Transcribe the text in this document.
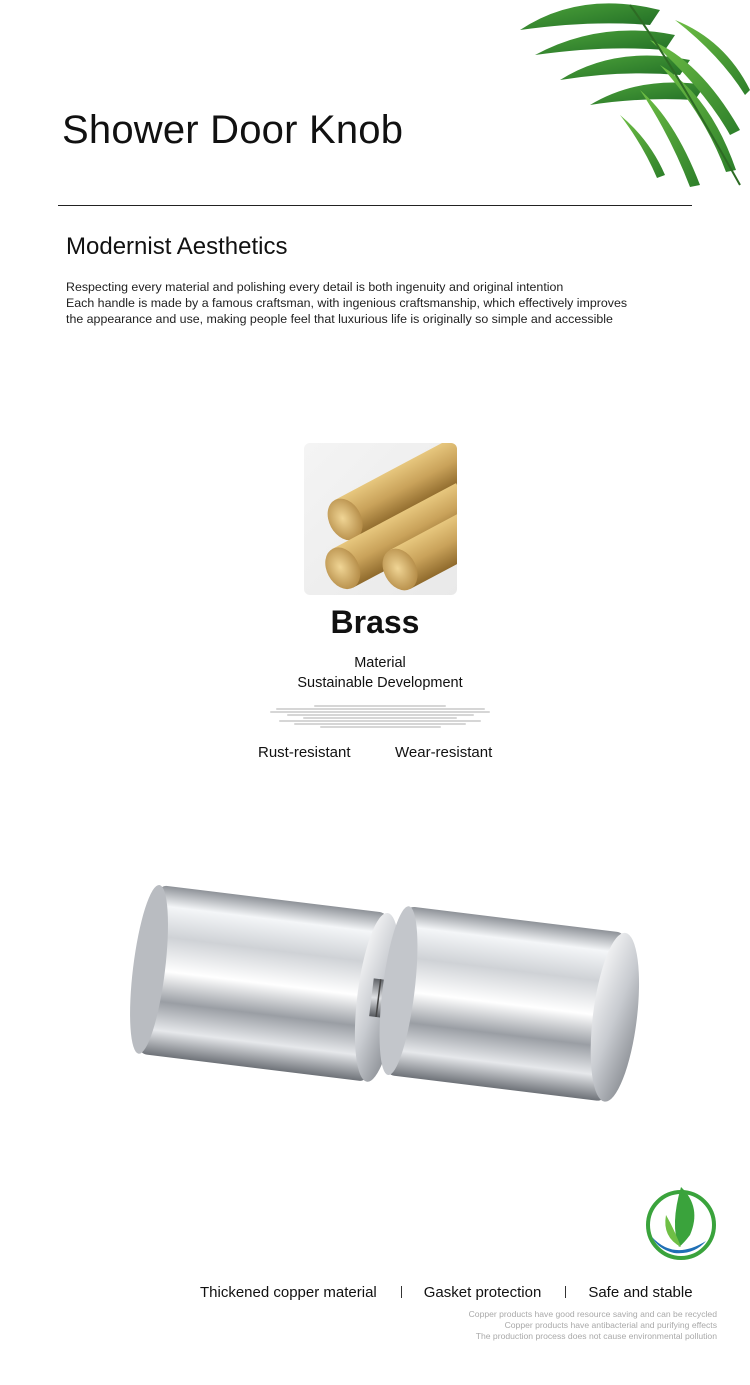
Shower Door Knob
Modernist Aesthetics
Respecting every material and polishing every detail is both ingenuity and original intention
Each handle is made by a famous craftsman, with ingenious craftsmanship, which effectively improves
the appearance and use, making people feel that luxurious life is originally so simple and accessible
Brass
Material
Sustainable Development
Rust-resistant	Wear-resistant
Thickened copper material	Gasket protection	Safe and stable
Copper products have good resource saving and can be recycled
Copper products have antibacterial and purifying effects
The production process does not cause environmental pollution
